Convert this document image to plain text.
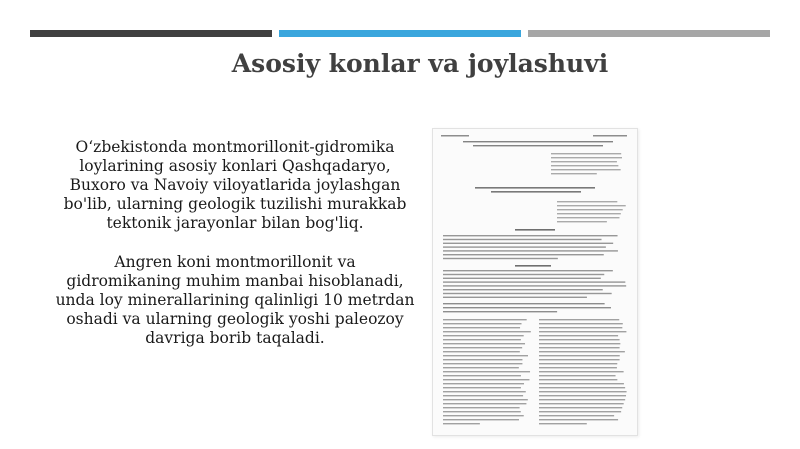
Asosiy konlar va joylashuvi

O‘zbekistonda montmorillonit-gidromika loylarining asosiy konlari Qashqadaryo, Buxoro va Navoiy viloyatlarida joylashgan bo'lib, ularning geologik tuzilishi murakkab tektonik jarayonlar bilan bog'liq.

Angren koni montmorillonit va gidromikaning muhim manbai hisoblanadi, unda loy minerallarining qalinligi 10 metrdan oshadi va ularning geologik yoshi paleozoy davriga borib taqaladi.
